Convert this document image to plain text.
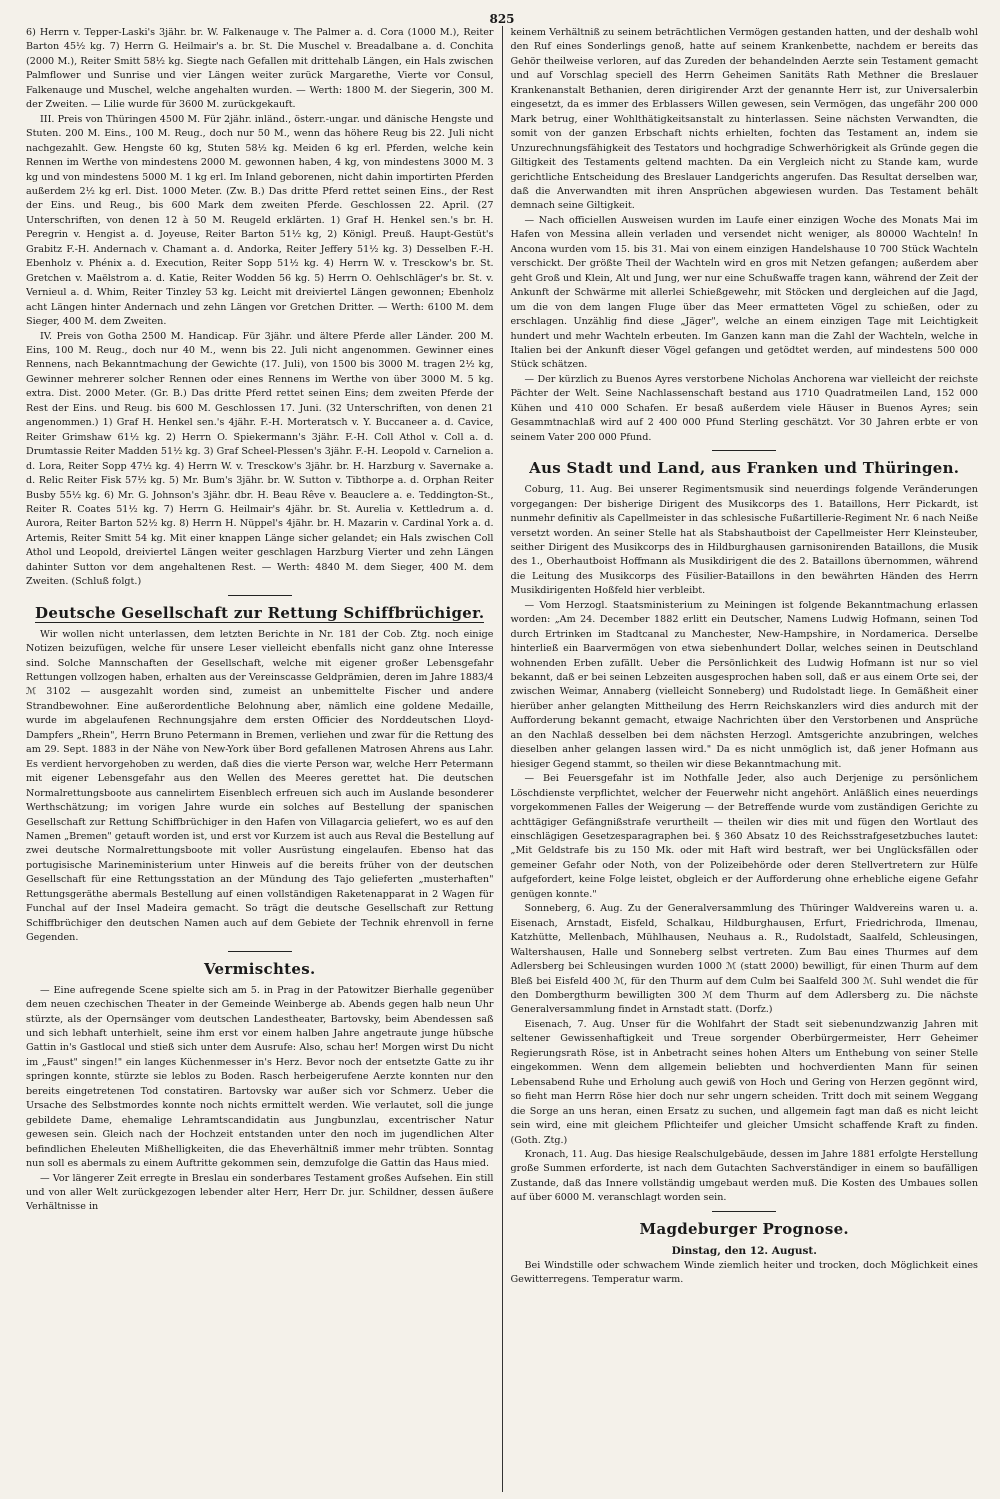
825

6) Herrn v. Tepper-Laski's 3jähr. br. W. Falkenauge v. The Palmer a. d. Cora (1000 M.), Reiter Barton 45½ kg. 7) Herrn G. Heilmair's a. br. St. Die Muschel v. Breadalbane a. d. Conchita (2000 M.), Reiter Smitt 58½ kg. Siegte nach Gefallen mit drittehalb Längen, ein Hals zwischen Palmflower und Sunrise und vier Längen weiter zurück Margarethe, Vierte vor Consul, Falkenauge und Muschel, welche angehalten wurden. — Werth: 1800 M. der Siegerin, 300 M. der Zweiten. — Lilie wurde für 3600 M. zurückgekauft.

III. Preis von Thüringen 4500 M. Für 2jähr. inländ., österr.-ungar. und dänische Hengste und Stuten. 200 M. Eins., 100 M. Reug., doch nur 50 M., wenn das höhere Reug bis 22. Juli nicht nachgezahlt. Gew. Hengste 60 kg, Stuten 58½ kg. Meiden 6 kg erl. Pferden, welche kein Rennen im Werthe von mindestens 2000 M. gewonnen haben, 4 kg, von mindestens 3000 M. 3 kg und von mindestens 5000 M. 1 kg erl. Im Inland geborenen, nicht dahin importirten Pferden außerdem 2½ kg erl. Dist. 1000 Meter. (Zw. B.) Das dritte Pferd rettet seinen Eins., der Rest der Eins. und Reug., bis 600 Mark dem zweiten Pferde. Geschlossen 22. April. (27 Unterschriften, von denen 12 à 50 M. Reugeld erklärten. 1) Graf H. Henkel sen.'s br. H. Peregrin v. Hengist a. d. Joyeuse, Reiter Barton 51½ kg, 2) Königl. Preuß. Haupt-Gestüt's Grabitz F.-H. Andernach v. Chamant a. d. Andorka, Reiter Jeffery 51½ kg. 3) Desselben F.-H. Ebenholz v. Phénix a. d. Execution, Reiter Sopp 51½ kg. 4) Herrn W. v. Tresckow's br. St. Gretchen v. Maëlstrom a. d. Katie, Reiter Wodden 56 kg. 5) Herrn O. Oehlschläger's br. St. v. Vernieul a. d. Whim, Reiter Tinzley 53 kg. Leicht mit dreiviertel Längen gewonnen; Ebenholz acht Längen hinter Andernach und zehn Längen vor Gretchen Dritter. — Werth: 6100 M. dem Sieger, 400 M. dem Zweiten.

IV. Preis von Gotha 2500 M. Handicap. Für 3jähr. und ältere Pferde aller Länder. 200 M. Eins, 100 M. Reug., doch nur 40 M., wenn bis 22. Juli nicht angenommen. Gewinner eines Rennens, nach Bekanntmachung der Gewichte (17. Juli), von 1500 bis 3000 M. tragen 2½ kg, Gewinner mehrerer solcher Rennen oder eines Rennens im Werthe von über 3000 M. 5 kg. extra. Dist. 2000 Meter. (Gr. B.) Das dritte Pferd rettet seinen Eins; dem zweiten Pferde der Rest der Eins. und Reug. bis 600 M. Geschlossen 17. Juni. (32 Unterschriften, von denen 21 angenommen.) 1) Graf H. Henkel sen.'s 4jähr. F.-H. Morteratsch v. Y. Buccaneer a. d. Cavice, Reiter Grimshaw 61½ kg. 2) Herrn O. Spiekermann's 3jähr. F.-H. Coll Athol v. Coll a. d. Drumtassie Reiter Madden 51½ kg. 3) Graf Scheel-Plessen's 3jähr. F.-H. Leopold v. Carnelion a. d. Lora, Reiter Sopp 47½ kg. 4) Herrn W. v. Tresckow's 3jähr. br. H. Harzburg v. Savernake a. d. Relic Reiter Fisk 57½ kg. 5) Mr. Bum's 3jähr. br. W. Sutton v. Tibthorpe a. d. Orphan Reiter Busby 55½ kg. 6) Mr. G. Johnson's 3jähr. dbr. H. Beau Rêve v. Beauclere a. e. Teddington-St., Reiter R. Coates 51½ kg. 7) Herrn G. Heilmair's 4jähr. br. St. Aurelia v. Kettledrum a. d. Aurora, Reiter Barton 52½ kg. 8) Herrn H. Nüppel's 4jähr. br. H. Mazarin v. Cardinal York a. d. Artemis, Reiter Smitt 54 kg. Mit einer knappen Länge sicher gelandet; ein Hals zwischen Coll Athol und Leopold, dreiviertel Längen weiter geschlagen Harzburg Vierter und zehn Längen dahinter Sutton vor dem angehaltenen Rest. — Werth: 4840 M. dem Sieger, 400 M. dem Zweiten. (Schluß folgt.)

Deutsche Gesellschaft zur Rettung Schiffbrüchiger.

Wir wollen nicht unterlassen, dem letzten Berichte in Nr. 181 der Cob. Ztg. noch einige Notizen beizufügen, welche für unsere Leser vielleicht ebenfalls nicht ganz ohne Interesse sind. Solche Mannschaften der Gesellschaft, welche mit eigener großer Lebensgefahr Rettungen vollzogen haben, erhalten aus der Vereinscasse Geldprämien, deren im Jahre 1883/4 ℳ 3102 — ausgezahlt worden sind, zumeist an unbemittelte Fischer und andere Strandbewohner. Eine außerordentliche Belohnung aber, nämlich eine goldene Medaille, wurde im abgelaufenen Rechnungsjahre dem ersten Officier des Norddeutschen Lloyd-Dampfers „Rhein", Herrn Bruno Petermann in Bremen, verliehen und zwar für die Rettung des am 29. Sept. 1883 in der Nähe von New-York über Bord gefallenen Matrosen Ahrens aus Lahr. Es verdient hervorgehoben zu werden, daß dies die vierte Person war, welche Herr Petermann mit eigener Lebensgefahr aus den Wellen des Meeres gerettet hat. Die deutschen Normalrettungsboote aus cannelirtem Eisenblech erfreuen sich auch im Auslande besonderer Werthschätzung; im vorigen Jahre wurde ein solches auf Bestellung der spanischen Gesellschaft zur Rettung Schiffbrüchiger in den Hafen von Villagarcia geliefert, wo es auf den Namen „Bremen" getauft worden ist, und erst vor Kurzem ist auch aus Reval die Bestellung auf zwei deutsche Normalrettungsboote mit voller Ausrüstung eingelaufen. Ebenso hat das portugisische Marineministerium unter Hinweis auf die bereits früher von der deutschen Gesellschaft für eine Rettungsstation an der Mündung des Tajo gelieferten „musterhaften" Rettungsgeräthe abermals Bestellung auf einen vollständigen Raketenapparat in 2 Wagen für Funchal auf der Insel Madeira gemacht. So trägt die deutsche Gesellschaft zur Rettung Schiffbrüchiger den deutschen Namen auch auf dem Gebiete der Technik ehrenvoll in ferne Gegenden.

Vermischtes.

— Eine aufregende Scene spielte sich am 5. in Prag in der Patowitzer Bierhalle gegenüber dem neuen czechischen Theater in der Gemeinde Weinberge ab. Abends gegen halb neun Uhr stürzte, als der Opernsänger vom deutschen Landestheater, Bartovsky, beim Abendessen saß und sich lebhaft unterhielt, seine ihm erst vor einem halben Jahre angetraute junge hübsche Gattin in's Gastlocal und stieß sich unter dem Ausrufe: Also, schau her! Morgen wirst Du nicht im „Faust" singen!" ein langes Küchenmesser in's Herz. Bevor noch der entsetzte Gatte zu ihr springen konnte, stürzte sie leblos zu Boden. Rasch herbeigerufene Aerzte konnten nur den bereits eingetretenen Tod constatiren. Bartovsky war außer sich vor Schmerz. Ueber die Ursache des Selbstmordes konnte noch nichts ermittelt werden. Wie verlautet, soll die junge gebildete Dame, ehemalige Lehramtscandidatin aus Jungbunzlau, excentrischer Natur gewesen sein. Gleich nach der Hochzeit entstanden unter den noch im jugendlichen Alter befindlichen Eheleuten Mißhelligkeiten, die das Eheverhältniß immer mehr trübten. Sonntag nun soll es abermals zu einem Auftritte gekommen sein, demzufolge die Gattin das Haus mied.

— Vor längerer Zeit erregte in Breslau ein sonderbares Testament großes Aufsehen. Ein still und von aller Welt zurückgezogen lebender alter Herr, Herr Dr. jur. Schildner, dessen äußere Verhältnisse in

keinem Verhältniß zu seinem beträchtlichen Vermögen gestanden hatten, und der deshalb wohl den Ruf eines Sonderlings genoß, hatte auf seinem Krankenbette, nachdem er bereits das Gehör theilweise verloren, auf das Zureden der behandelnden Aerzte sein Testament gemacht und auf Vorschlag speciell des Herrn Geheimen Sanitäts Rath Methner die Breslauer Krankenanstalt Bethanien, deren dirigirender Arzt der genannte Herr ist, zur Universalerbin eingesetzt, da es immer des Erblassers Willen gewesen, sein Vermögen, das ungefähr 200 000 Mark betrug, einer Wohlthätigkeitsanstalt zu hinterlassen. Seine nächsten Verwandten, die somit von der ganzen Erbschaft nichts erhielten, fochten das Testament an, indem sie Unzurechnungsfähigkeit des Testators und hochgradige Schwerhörigkeit als Gründe gegen die Giltigkeit des Testaments geltend machten. Da ein Vergleich nicht zu Stande kam, wurde gerichtliche Entscheidung des Breslauer Landgerichts angerufen. Das Resultat derselben war, daß die Anverwandten mit ihren Ansprüchen abgewiesen wurden. Das Testament behält demnach seine Giltigkeit.

— Nach officiellen Ausweisen wurden im Laufe einer einzigen Woche des Monats Mai im Hafen von Messina allein verladen und versendet nicht weniger, als 80000 Wachteln! In Ancona wurden vom 15. bis 31. Mai von einem einzigen Handelshause 10 700 Stück Wachteln verschickt. Der größte Theil der Wachteln wird en gros mit Netzen gefangen; außerdem aber geht Groß und Klein, Alt und Jung, wer nur eine Schußwaffe tragen kann, während der Zeit der Ankunft der Schwärme mit allerlei Schießgewehr, mit Stöcken und dergleichen auf die Jagd, um die von dem langen Fluge über das Meer ermatteten Vögel zu schießen, oder zu erschlagen. Unzählig find diese „Jäger", welche an einem einzigen Tage mit Leichtigkeit hundert und mehr Wachteln erbeuten. Im Ganzen kann man die Zahl der Wachteln, welche in Italien bei der Ankunft dieser Vögel gefangen und getödtet werden, auf mindestens 500 000 Stück schätzen.

— Der kürzlich zu Buenos Ayres verstorbene Nicholas Anchorena war vielleicht der reichste Pächter der Welt. Seine Nachlassenschaft bestand aus 1710 Quadratmeilen Land, 152 000 Kühen und 410 000 Schafen. Er besaß außerdem viele Häuser in Buenos Ayres; sein Gesammtnachlaß wird auf 2 400 000 Pfund Sterling geschätzt. Vor 30 Jahren erbte er von seinem Vater 200 000 Pfund.

Aus Stadt und Land, aus Franken und Thüringen.

Coburg, 11. Aug. Bei unserer Regimentsmusik sind neuerdings folgende Veränderungen vorgegangen: Der bisherige Dirigent des Musikcorps des 1. Bataillons, Herr Pickardt, ist nunmehr definitiv als Capellmeister in das schlesische Fußartillerie-Regiment Nr. 6 nach Neiße versetzt worden. An seiner Stelle hat als Stabshautboist der Capellmeister Herr Kleinsteuber, seither Dirigent des Musikcorps des in Hildburghausen garnisonirenden Bataillons, die Musik des 1., Oberhautboist Hoffmann als Musikdirigent die des 2. Bataillons übernommen, während die Leitung des Musikcorps des Füsilier-Bataillons in den bewährten Händen des Herrn Musikdirigenten Hoßfeld hier verbleibt.

— Vom Herzogl. Staatsministerium zu Meiningen ist folgende Bekanntmachung erlassen worden: „Am 24. December 1882 erlitt ein Deutscher, Namens Ludwig Hofmann, seinen Tod durch Ertrinken im Stadtcanal zu Manchester, New-Hampshire, in Nordamerica. Derselbe hinterließ ein Baarvermögen von etwa siebenhundert Dollar, welches seinen in Deutschland wohnenden Erben zufällt. Ueber die Persönlichkeit des Ludwig Hofmann ist nur so viel bekannt, daß er bei seinen Lebzeiten ausgesprochen haben soll, daß er aus einem Orte sei, der zwischen Weimar, Annaberg (vielleicht Sonneberg) und Rudolstadt liege. In Gemäßheit einer hierüber anher gelangten Mittheilung des Herrn Reichskanzlers wird dies andurch mit der Aufforderung bekannt gemacht, etwaige Nachrichten über den Verstorbenen und Ansprüche an den Nachlaß desselben bei dem nächsten Herzogl. Amtsgerichte anzubringen, welches dieselben anher gelangen lassen wird." Da es nicht unmöglich ist, daß jener Hofmann aus hiesiger Gegend stammt, so theilen wir diese Bekanntmachung mit.

— Bei Feuersgefahr ist im Nothfalle Jeder, also auch Derjenige zu persönlichem Löschdienste verpflichtet, welcher der Feuerwehr nicht angehört. Anläßlich eines neuerdings vorgekommenen Falles der Weigerung — der Betreffende wurde vom zuständigen Gerichte zu achttägiger Gefängnißstrafe verurtheilt — theilen wir dies mit und fügen den Wortlaut des einschlägigen Gesetzesparagraphen bei. § 360 Absatz 10 des Reichsstrafgesetzbuches lautet: „Mit Geldstrafe bis zu 150 Mk. oder mit Haft wird bestraft, wer bei Unglücksfällen oder gemeiner Gefahr oder Noth, von der Polizeibehörde oder deren Stellvertretern zur Hülfe aufgefordert, keine Folge leistet, obgleich er der Aufforderung ohne erhebliche eigene Gefahr genügen konnte."

Sonneberg, 6. Aug. Zu der Generalversammlung des Thüringer Waldvereins waren u. a. Eisenach, Arnstadt, Eisfeld, Schalkau, Hildburghausen, Erfurt, Friedrichroda, Ilmenau, Katzhütte, Mellenbach, Mühlhausen, Neuhaus a. R., Rudolstadt, Saalfeld, Schleusingen, Waltershausen, Halle und Sonneberg selbst vertreten. Zum Bau eines Thurmes auf dem Adlersberg bei Schleusingen wurden 1000 ℳ (statt 2000) bewilligt, für einen Thurm auf dem Bleß bei Eisfeld 400 ℳ, für den Thurm auf dem Culm bei Saalfeld 300 ℳ. Suhl wendet die für den Dombergthurm bewilligten 300 ℳ dem Thurm auf dem Adlersberg zu. Die nächste Generalversammlung findet in Arnstadt statt. (Dorfz.)

Eisenach, 7. Aug. Unser für die Wohlfahrt der Stadt seit siebenundzwanzig Jahren mit seltener Gewissenhaftigkeit und Treue sorgender Oberbürgermeister, Herr Geheimer Regierungsrath Röse, ist in Anbetracht seines hohen Alters um Enthebung von seiner Stelle eingekommen. Wenn dem allgemein beliebten und hochverdienten Mann für seinen Lebensabend Ruhe und Erholung auch gewiß von Hoch und Gering von Herzen gegönnt wird, so fieht man Herrn Röse hier doch nur sehr ungern scheiden. Tritt doch mit seinem Weggang die Sorge an uns heran, einen Ersatz zu suchen, und allgemein fagt man daß es nicht leicht sein wird, eine mit gleichem Pflichteifer und gleicher Umsicht schaffende Kraft zu finden. (Goth. Ztg.)

Kronach, 11. Aug. Das hiesige Realschulgebäude, dessen im Jahre 1881 erfolgte Herstellung große Summen erforderte, ist nach dem Gutachten Sachverständiger in einem so baufälligen Zustande, daß das Innere vollständig umgebaut werden muß. Die Kosten des Umbaues sollen auf über 6000 M. veranschlagt worden sein.

Magdeburger Prognose.
Dinstag, den 12. August.

Bei Windstille oder schwachem Winde ziemlich heiter und trocken, doch Möglichkeit eines Gewitterregens. Temperatur warm.
